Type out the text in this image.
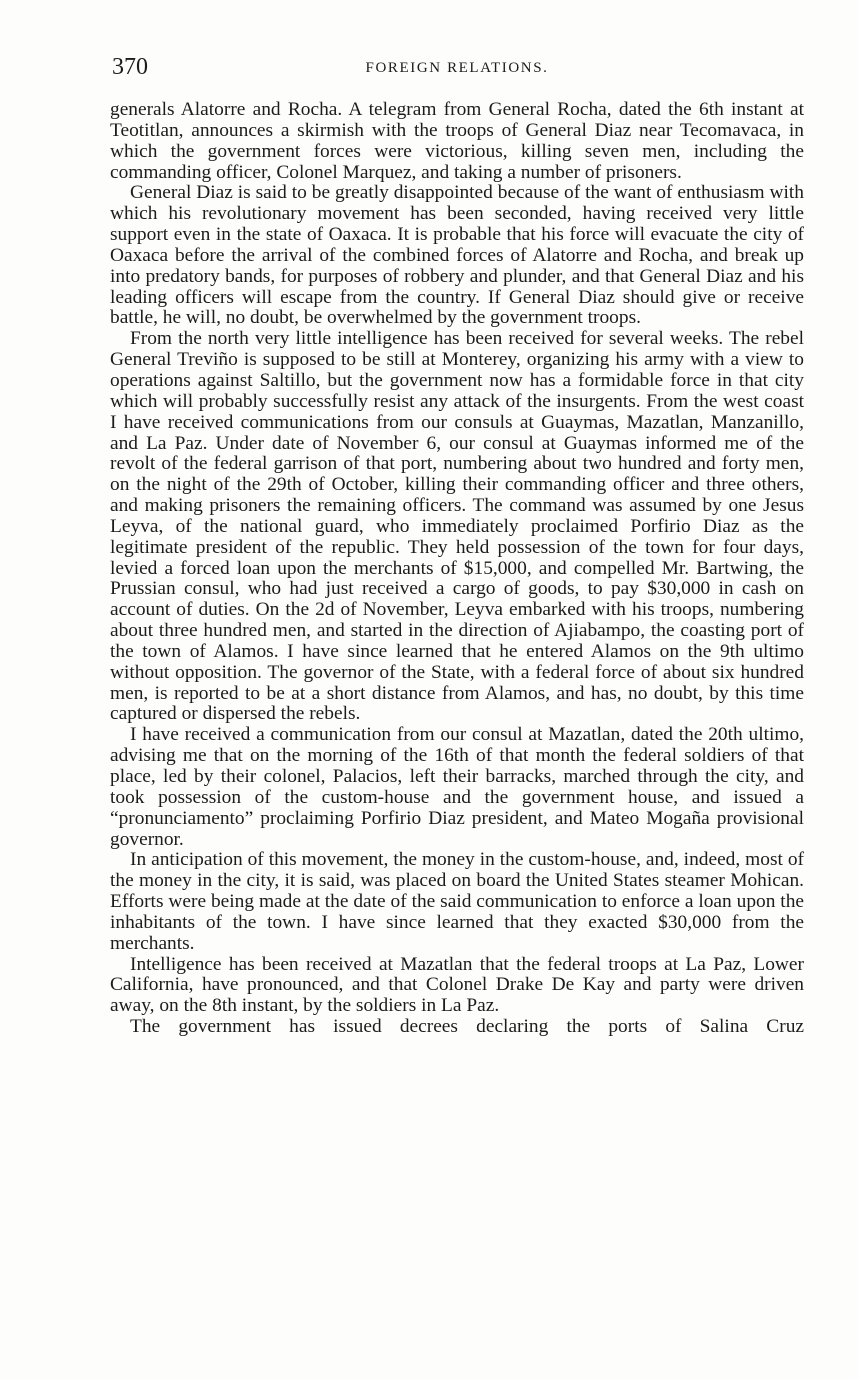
370	FOREIGN RELATIONS.

generals Alatorre and Rocha. A telegram from General Rocha, dated the 6th instant at Teotitlan, announces a skirmish with the troops of General Diaz near Tecomavaca, in which the government forces were victorious, killing seven men, including the commanding officer, Colonel Marquez, and taking a number of prisoners.

General Diaz is said to be greatly disappointed because of the want of enthusiasm with which his revolutionary movement has been seconded, having received very little support even in the state of Oaxaca. It is probable that his force will evacuate the city of Oaxaca before the arrival of the combined forces of Alatorre and Rocha, and break up into predatory bands, for purposes of robbery and plunder, and that General Diaz and his leading officers will escape from the country. If General Diaz should give or receive battle, he will, no doubt, be overwhelmed by the government troops.

From the north very little intelligence has been received for several weeks. The rebel General Treviño is supposed to be still at Monterey, organizing his army with a view to operations against Saltillo, but the government now has a formidable force in that city which will probably successfully resist any attack of the insurgents. From the west coast I have received communications from our consuls at Guaymas, Mazatlan, Manzanillo, and La Paz. Under date of November 6, our consul at Guaymas informed me of the revolt of the federal garrison of that port, numbering about two hundred and forty men, on the night of the 29th of October, killing their commanding officer and three others, and making prisoners the remaining officers. The command was assumed by one Jesus Leyva, of the national guard, who immediately proclaimed Porfirio Diaz as the legitimate president of the republic. They held possession of the town for four days, levied a forced loan upon the merchants of $15,000, and compelled Mr. Bartwing, the Prussian consul, who had just received a cargo of goods, to pay $30,000 in cash on account of duties. On the 2d of November, Leyva embarked with his troops, numbering about three hundred men, and started in the direction of Ajiabampo, the coasting port of the town of Alamos. I have since learned that he entered Alamos on the 9th ultimo without opposition. The governor of the State, with a federal force of about six hundred men, is reported to be at a short distance from Alamos, and has, no doubt, by this time captured or dispersed the rebels.

I have received a communication from our consul at Mazatlan, dated the 20th ultimo, advising me that on the morning of the 16th of that month the federal soldiers of that place, led by their colonel, Palacios, left their barracks, marched through the city, and took possession of the custom-house and the government house, and issued a “pronunciamento” proclaiming Porfirio Diaz president, and Mateo Mogaña provisional governor.

In anticipation of this movement, the money in the custom-house, and, indeed, most of the money in the city, it is said, was placed on board the United States steamer Mohican. Efforts were being made at the date of the said communication to enforce a loan upon the inhabitants of the town. I have since learned that they exacted $30,000 from the merchants.

Intelligence has been received at Mazatlan that the federal troops at La Paz, Lower California, have pronounced, and that Colonel Drake De Kay and party were driven away, on the 8th instant, by the soldiers in La Paz.

The government has issued decrees declaring the ports of Salina Cruz
